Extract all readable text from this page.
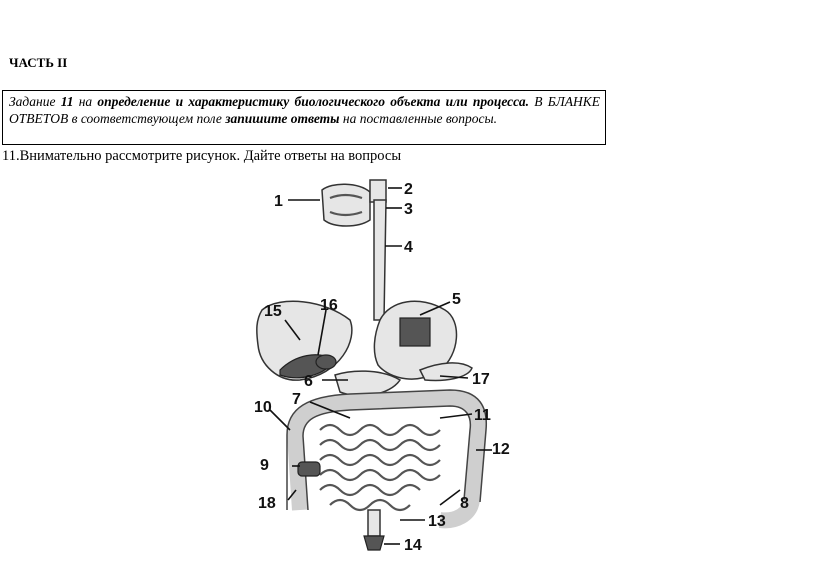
ЧАСТЬ II
Задание 11 на определение и характеристику биологического объекта или процесса. В БЛАНКЕ ОТВЕТОВ в соответствующем поле запишите ответы на поставленные вопросы.
11.Внимательно рассмотрите рисунок. Дайте ответы на вопросы
1
2
3
4
5
6
7
8
9
10	11
12
13
14
15 16
17
18
